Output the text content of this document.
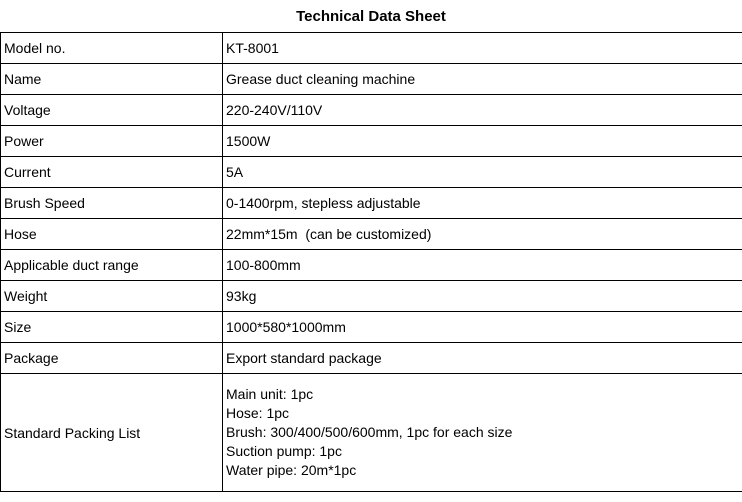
Technical Data Sheet
Model no.	KT-8001
Name	Grease duct cleaning machine
Voltage	220-240V/110V
Power	1500W
Current	5A
Brush Speed	0-1400rpm, stepless adjustable
Hose	22mm*15m  (can be customized)
Applicable duct range	100-800mm
Weight	93kg
Size	1000*580*1000mm
Package	Export standard package
Standard Packing List	Main unit: 1pc
Hose: 1pc
Brush: 300/400/500/600mm, 1pc for each size
Suction pump: 1pc
Water pipe: 20m*1pc
